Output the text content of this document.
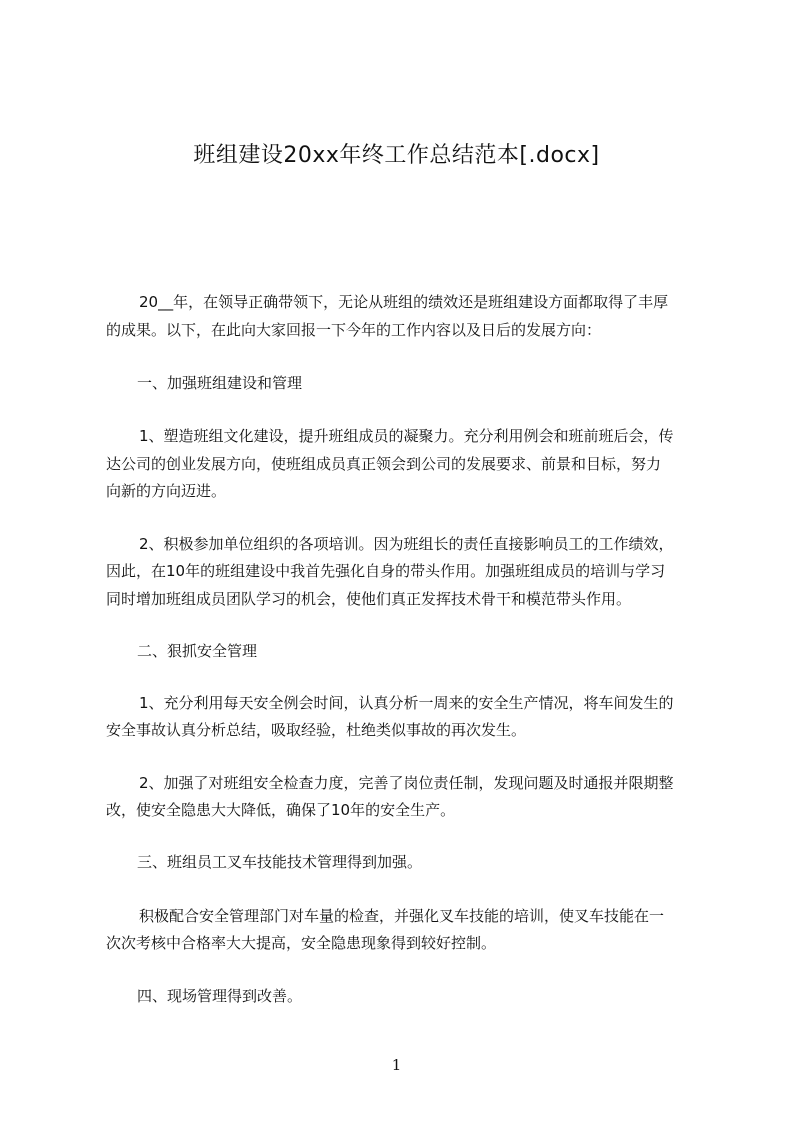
班组建设20xx年终工作总结范本[.docx]
20__年，在领导正确带领下，无论从班组的绩效还是班组建设方面都取得了丰厚
的成果。以下，在此向大家回报一下今年的工作内容以及日后的发展方向：
一、加强班组建设和管理
1、塑造班组文化建设，提升班组成员的凝聚力。充分利用例会和班前班后会，传
达公司的创业发展方向，使班组成员真正领会到公司的发展要求、前景和目标，努力
向新的方向迈进。
2、积极参加单位组织的各项培训。因为班组长的责任直接影响员工的工作绩效，
因此，在10年的班组建设中我首先强化自身的带头作用。加强班组成员的培训与学习
同时增加班组成员团队学习的机会，使他们真正发挥技术骨干和模范带头作用。
二、狠抓安全管理
1、充分利用每天安全例会时间，认真分析一周来的安全生产情况，将车间发生的
安全事故认真分析总结，吸取经验，杜绝类似事故的再次发生。
2、加强了对班组安全检查力度，完善了岗位责任制，发现问题及时通报并限期整
改，使安全隐患大大降低，确保了10年的安全生产。
三、班组员工叉车技能技术管理得到加强。
积极配合安全管理部门对车量的检查，并强化叉车技能的培训，使叉车技能在一
次次考核中合格率大大提高，安全隐患现象得到较好控制。
四、现场管理得到改善。
1
